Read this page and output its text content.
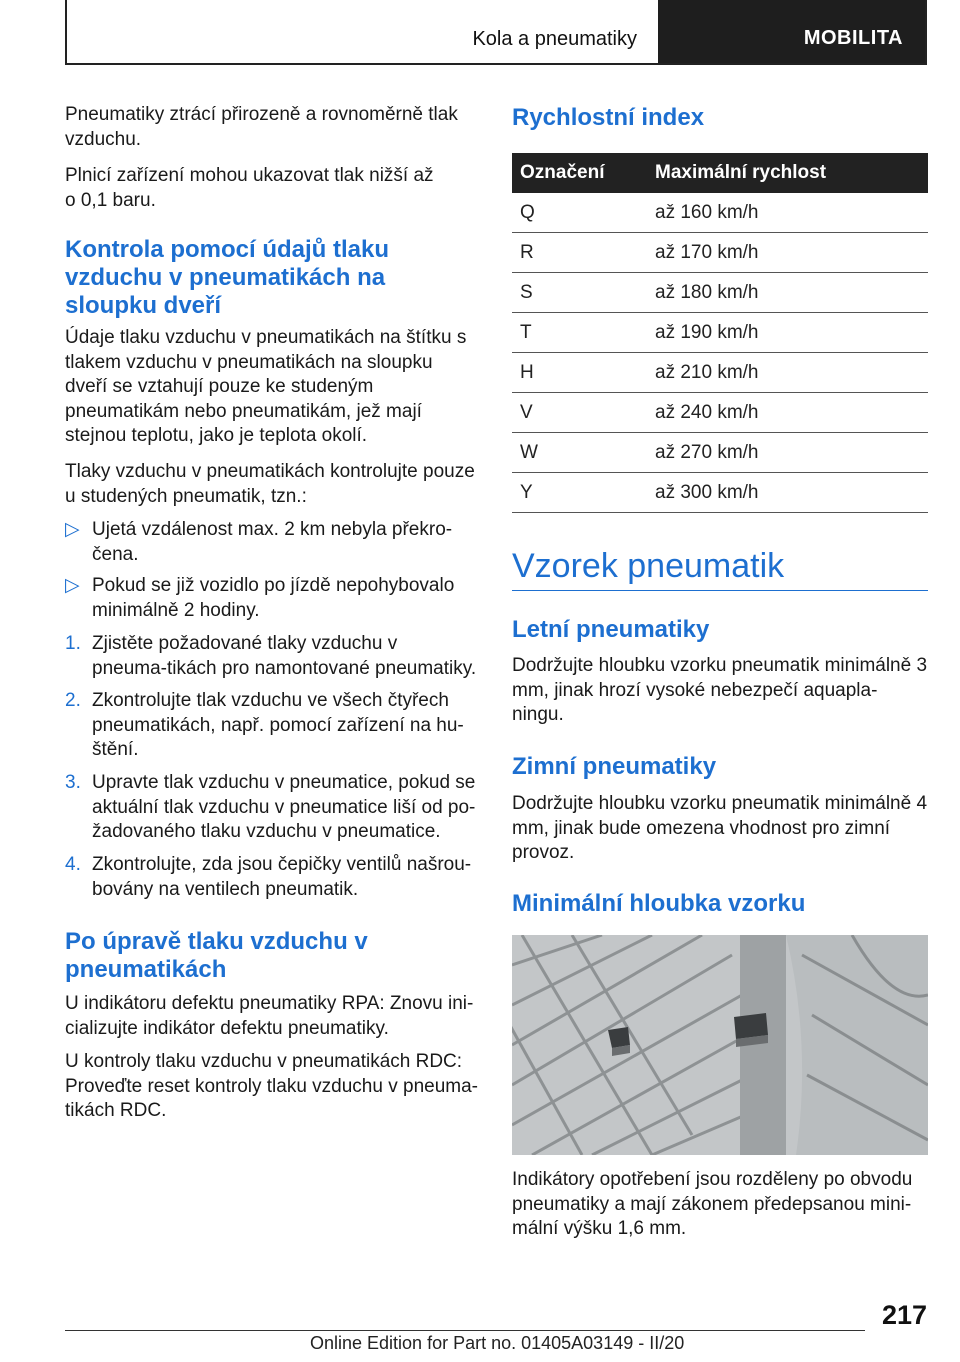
Kola a pneumatiky	MOBILITA

Pneumatiky ztrácí přirozeně a rovnoměrně tlak vzduchu.

Plnicí zařízení mohou ukazovat tlak nižší až o 0,1 baru.

Kontrola pomocí údajů tlaku vzduchu v pneumatikách na sloupku dveří

Údaje tlaku vzduchu v pneumatikách na štítku s tlakem vzduchu v pneumatikách na sloupku dveří se vztahují pouze ke studeným pneumatikám nebo pneumatikám, jež mají stejnou teplotu, jako je teplota okolí.

Tlaky vzduchu v pneumatikách kontrolujte pouze u studených pneumatik, tzn.:

▷ Ujetá vzdálenost max. 2 km nebyla překro‐čena.
▷ Pokud se již vozidlo po jízdě nepohybovalo minimálně 2 hodiny.
1. Zjistěte požadované tlaky vzduchu v pneuma‐tikách pro namontované pneumatiky.
2. Zkontrolujte tlak vzduchu ve všech čtyřech pneumatikách, např. pomocí zařízení na hu‐štění.
3. Upravte tlak vzduchu v pneumatice, pokud se aktuální tlak vzduchu v pneumatice liší od po‐žadovaného tlaku vzduchu v pneumatice.
4. Zkontrolujte, zda jsou čepičky ventilů našrou‐bovány na ventilech pneumatik.
Po úpravě tlaku vzduchu v pneumatikách

U indikátoru defektu pneumatiky RPA: Znovu ini‐cializujte indikátor defektu pneumatiky.

U kontroly tlaku vzduchu v pneumatikách RDC: Proveďte reset kontroly tlaku vzduchu v pneuma‐tikách RDC.

Rychlostní index
Označení	Maximální rychlost
Q	až 160 km/h
R	až 170 km/h
S	až 180 km/h
T	až 190 km/h
H	až 210 km/h
V	až 240 km/h
W	až 270 km/h
Y	až 300 km/h
Vzorek pneumatik
Letní pneumatiky

Dodržujte hloubku vzorku pneumatik minimálně 3 mm, jinak hrozí vysoké nebezpečí aquapla‐ningu.

Zimní pneumatiky

Dodržujte hloubku vzorku pneumatik minimálně 4 mm, jinak bude omezena vhodnost pro zimní provoz.

Minimální hloubka vzorku

Indikátory opotřebení jsou rozděleny po obvodu pneumatiky a mají zákonem předepsanou mini‐mální výšku 1,6 mm.

217
Online Edition for Part no. 01405A03149 - II/20
